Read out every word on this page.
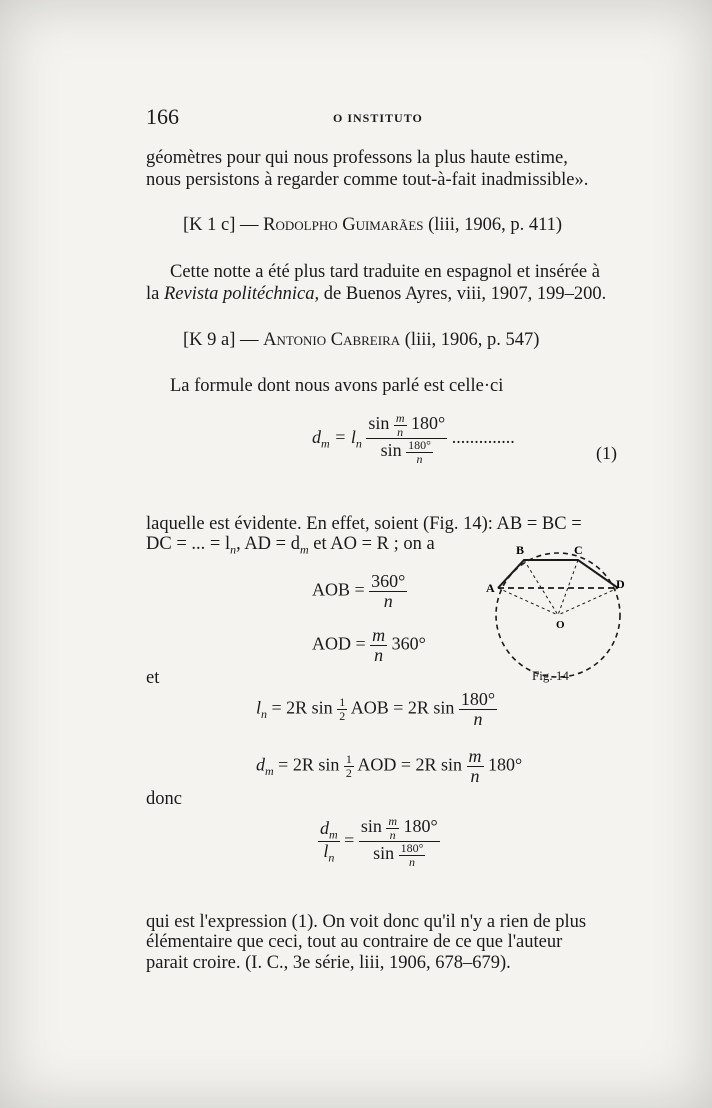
166	O INSTITUTO
géomètres pour qui nous professons la plus haute estime,
nous persistons à regarder comme tout-à-fait inadmissible».
[K 1 c] — Rodolpho Guimarães (liii, 1906, p. 411)
Cette notte a été plus tard traduite en espagnol et insérée à
la Revista politéchnica, de Buenos Ayres, viii, 1907, 199–200.
[K 9 a] — Antonio Cabreira (liii, 1906, p. 547)
La formule dont nous avons parlé est celle·ci
$d_m = l_n \frac{\sin \frac{m}{n} 180^\circ}{\sin \frac{180^\circ}{n}}$ ..............
(1)
laquelle est évidente. En effet, soient (Fig. 14): AB = BC =
DC = ... = $l_n$, AD = $d_m$ et AO = R ; on a
AOB = $\frac{360^\circ}{n}$
AOD = $\frac{m}{n} 360^\circ$
et
$l_n = 2R$ $\sin \frac{1}{2}$ AOB = 2R $\sin \frac{180^\circ}{n}$
$d_m = 2R$ $\sin \frac{1}{2}$ AOD = 2R $\sin \frac{m}{n} 180^\circ$
donc
$\frac{d_m}{l_n} = \frac{\sin \frac{m}{n} 180^\circ}{\sin \frac{180^\circ}{n}}$
qui est l'expression (1). On voit donc qu'il n'y a rien de plus
élémentaire que ceci, tout au contraire de ce que l'auteur
parait croire. (I. C., 3e série, liii, 1906, 678–679).
A
B	C
D
O
Fig. 14
